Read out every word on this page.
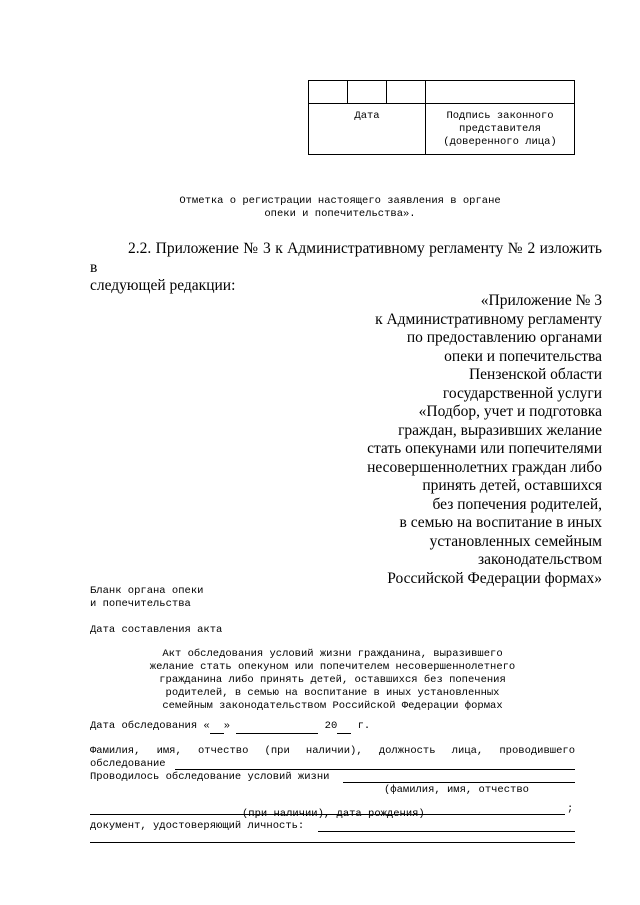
Дата			Подпись законного представителя (доверенного лица)
Отметка о регистрации настоящего заявления в органе
опеки и попечительства».
2.2. Приложение № 3 к Административному регламенту № 2 изложить в
следующей редакции:
«Приложение № 3
к Административному регламенту
по предоставлению органами
опеки и попечительства
Пензенской области
государственной услуги
«Подбор, учет и подготовка
граждан, выразивших желание
стать опекунами или попечителями
несовершеннолетних граждан либо
принять детей, оставшихся
без попечения родителей,
в семью на воспитание в иных
установленных семейным
законодательством
Российской Федерации формах»
Бланк органа опеки
и попечительства
Дата составления акта
Акт обследования условий жизни гражданина, выразившего
желание стать опекуном или попечителем несовершеннолетнего
гражданина либо принять детей, оставшихся без попечения
родителей, в семью на воспитание в иных установленных
семейным законодательством Российской Федерации формах
Дата обследования « »	20 г.
Фамилия, имя, отчество (при наличии), должность лица, проводившего
обследование
Проводилось обследование условий жизни
(фамилия, имя, отчество
;
(при наличии), дата рождения)
документ, удостоверяющий личность:
